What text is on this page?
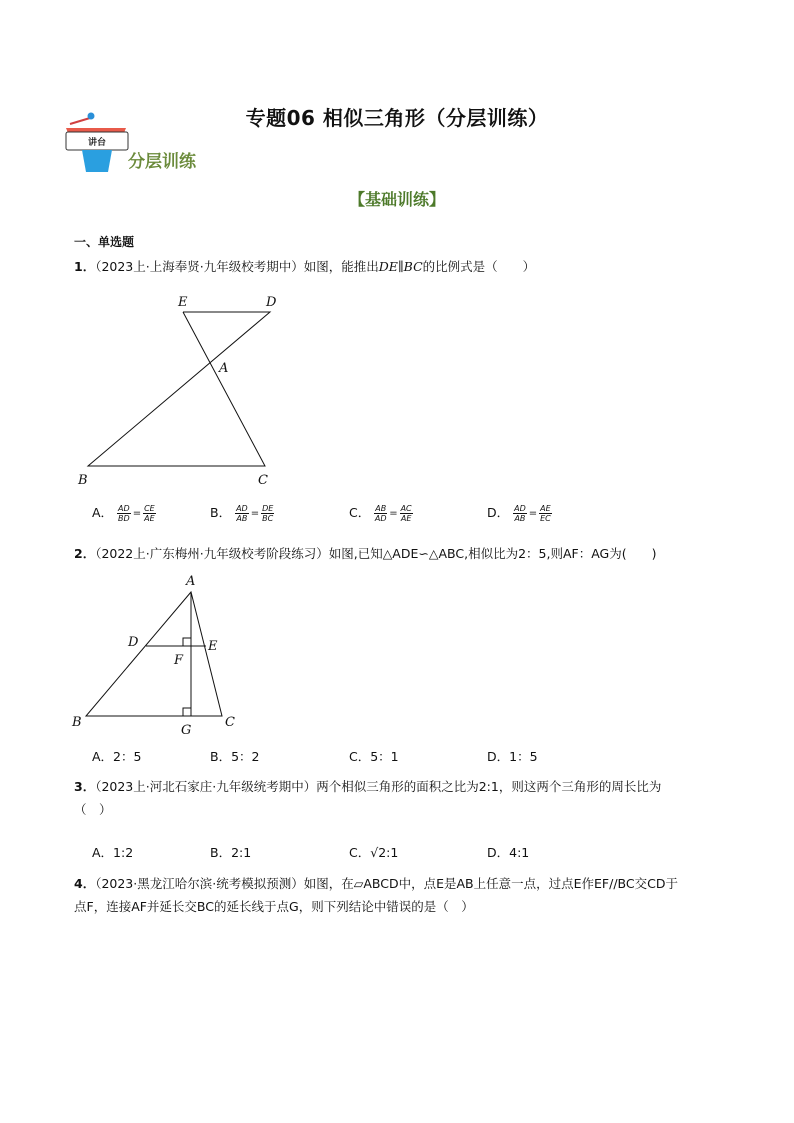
讲台
专题06 相似三角形（分层训练）
分层训练
【基础训练】
一、单选题
1．（2023上·上海奉贤·九年级校考期中）如图，能推出DE∥BC的比例式是（　　）
E	D
A
B	C
A． $\frac{AD}{BD} = \frac{CE}{AE}$	B． $\frac{AD}{AB} = \frac{DE}{BC}$	C． $\frac{AB}{AD} = \frac{AC}{AE}$	D． $\frac{AD}{AB} = \frac{AE}{EC}$
2．（2022上·广东梅州·九年级校考阶段练习）如图,已知△ADE∽△ABC,相似比为2：5,则AF：AG为(　　)
A
D	E
F
B
G
C
A．2：5	B．5：2	C．5：1	D．1：5
3．（2023上·河北石家庄·九年级统考期中）两个相似三角形的面积之比为2:1，则这两个三角形的周长比为
（　）
A．1:2	B．2:1	C．√2:1	D．4:1
4．（2023·黑龙江哈尔滨·统考模拟预测）如图，在▱ABCD中，点E是AB上任意一点，过点E作EF//BC交CD于
点F，连接AF并延长交BC的延长线于点G，则下列结论中错误的是（　）
